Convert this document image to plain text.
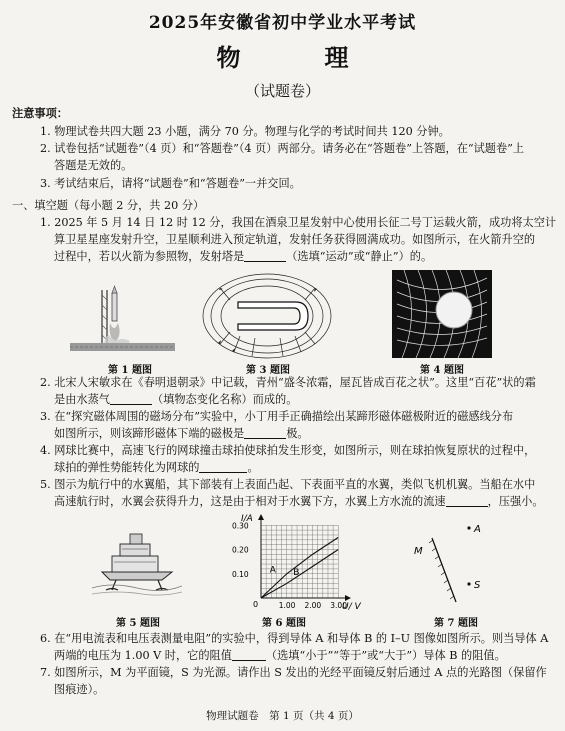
2025年安徽省初中学业水平考试
物　理
（试题卷）
注意事项：
1. 物理试卷共四大题 23 小题，满分 70 分。物理与化学的考试时间共 120 分钟。
2. 试卷包括“试题卷”（4 页）和“答题卷”（4 页）两部分。请务必在“答题卷”上答题，在“试题卷”上
答题是无效的。
3. 考试结束后，请将“试题卷”和“答题卷”一并交回。
一、填空题（每小题 2 分，共 20 分）
1. 2025 年 5 月 14 日 12 时 12 分，我国在酒泉卫星发射中心使用长征二号丁运载火箭，成功将太空计
算卫星星座发射升空，卫星顺利进入预定轨道，发射任务获得圆满成功。如图所示，在火箭升空的
过程中，若以火箭为参照物，发射塔是	（选填“运动”或“静止”）的。
第 1 题图	第 3 题图	第 4 题图
2. 北宋人宋敏求在《春明退朝录》中记载，青州“盛冬浓霜，屋瓦皆成百花之状”。这里“百花”状的霜
是由水蒸气	（填物态变化名称）而成的。
3. 在“探究磁体周围的磁场分布”实验中，小丁用手正确描绘出某蹄形磁体磁极附近的磁感线分布
如图所示，则该蹄形磁体下端的磁极是	极。
4. 网球比赛中，高速飞行的网球撞击球拍使球拍发生形变，如图所示，则在球拍恢复原状的过程中，
球拍的弹性势能转化为网球的	。
5. 图示为航行中的水翼船，其下部装有上表面凸起、下表面平直的水翼，类似飞机机翼。当船在水中
高速航行时，水翼会获得升力，这是由于相对于水翼下方，水翼上方水流的流速	，压强小。
第 5 题图
0.10
0.20
0.30
1.00 2.00 3.00
I/A
U/ V
0
A B
第 6 题图
M
A
S
第 7 题图
6. 在“用电流表和电压表测量电阻”的实验中，得到导体 A 和导体 B 的 I–U 图像如图所示。则当导体 A
两端的电压为 1.00 V 时，它的阻值	（选填“小于”“等于”或“大于”）导体 B 的阻值。
7. 如图所示，M 为平面镜，S 为光源。请作出 S 发出的光经平面镜反射后通过 A 点的光路图（保留作
图痕迹）。
物理试题卷　第 1 页（共 4 页）
